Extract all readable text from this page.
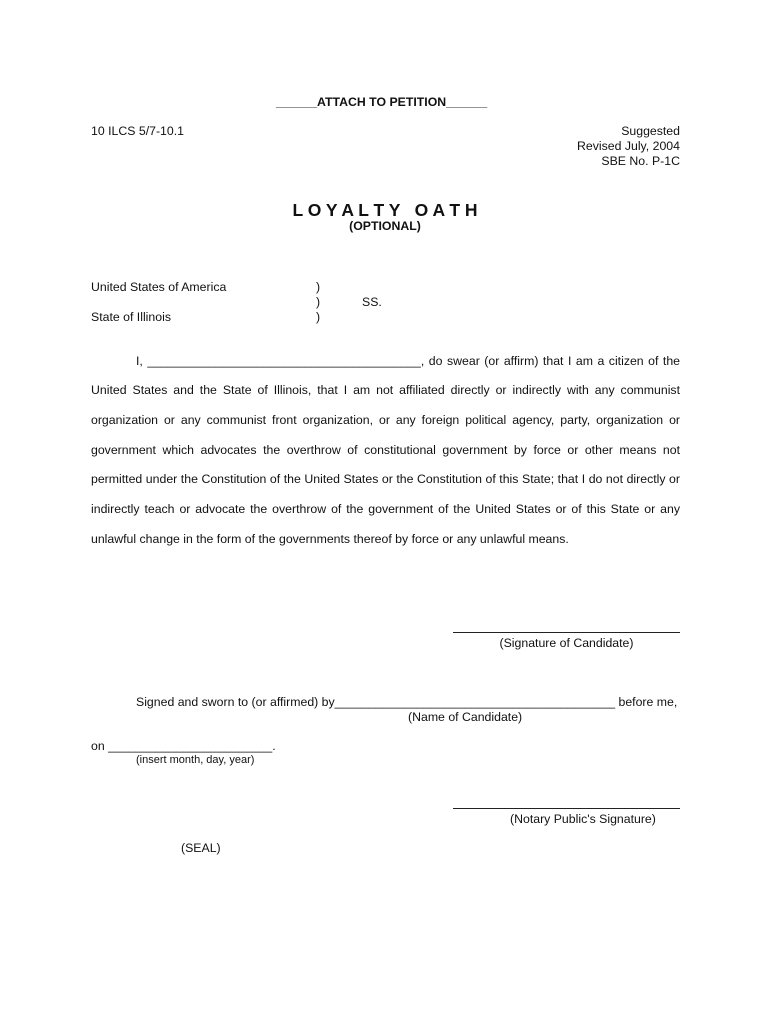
______ATTACH TO PETITION______
10 ILCS 5/7-10.1	Suggested
Revised July, 2004
SBE No. P-1C
L O Y A L T Y   O A T H
(OPTIONAL)
United States of America
State of Illinois
)
)
)
SS.
I, ________________________________________, do swear (or affirm) that I am a citizen of the
United States and the State of Illinois, that I am not affiliated directly or indirectly with any communist
organization or any communist front organization, or any foreign political agency, party, organization or
government which advocates the overthrow of constitutional government by force or other means not
permitted under the Constitution of the United States or the Constitution of this State; that I do not directly or
indirectly teach or advocate the overthrow of the government of the United States or of this State or any
unlawful change in the form of the governments thereof by force or any unlawful means.
(Signature of Candidate)
Signed and sworn to (or affirmed) by_________________________________________ before me,
(Name of Candidate)
on ________________________.
(insert month, day, year)
(Notary Public's Signature)
(SEAL)
